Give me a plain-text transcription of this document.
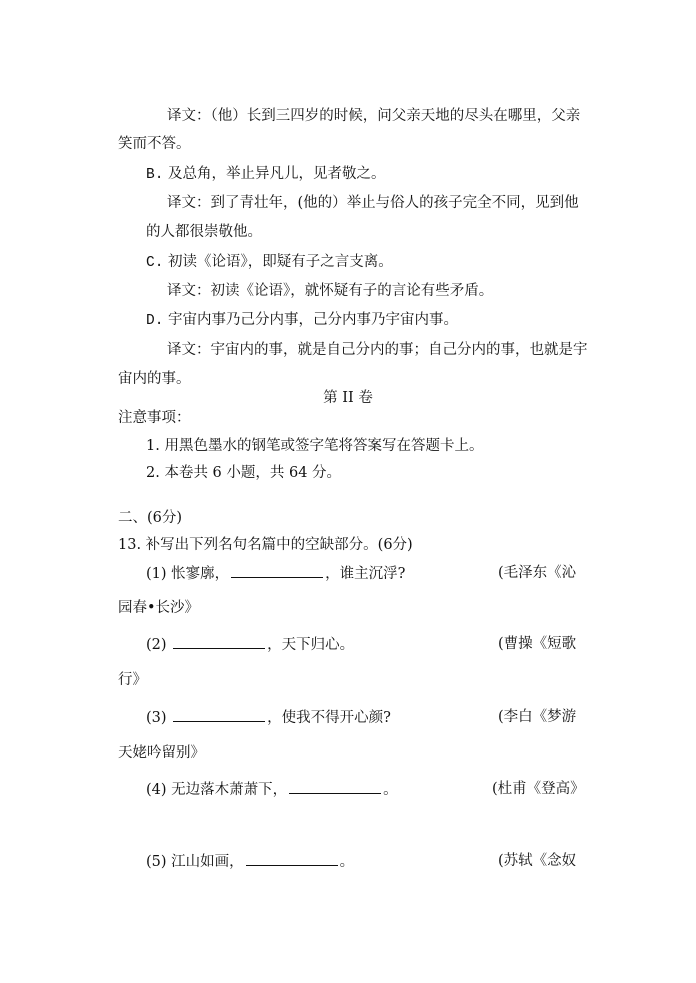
译文：（他）长到三四岁的时候，问父亲天地的尽头在哪里，父亲
笑而不答。
B. 及总角，举止异凡儿，见者敬之。
译文：到了青壮年，(他的）举止与俗人的孩子完全不同，见到他
的人都很崇敬他。
C. 初读《论语》，即疑有子之言支离。
译文：初读《论语》，就怀疑有子的言论有些矛盾。
D. 宇宙内事乃己分内事，己分内事乃宇宙内事。
译文：宇宙内的事，就是自己分内的事；自己分内的事，也就是宇
宙内的事。
第 II 卷
注意事项：
1. 用黑色墨水的钢笔或签字笔将答案写在答题卡上。
2. 本卷共 6 小题，共 64 分。
二、(6分)
13. 补写出下列名句名篇中的空缺部分。(6分)
(1) 怅寥廓，	，谁主沉浮?	(毛泽东《沁
园春•长沙》
(2)	，天下归心。	(曹操《短歌
行》
(3)	，使我不得开心颜?	(李白《梦游
天姥吟留别》
(4) 无边落木萧萧下，	。	(杜甫《登高》
(5) 江山如画，	。	(苏轼《念奴
